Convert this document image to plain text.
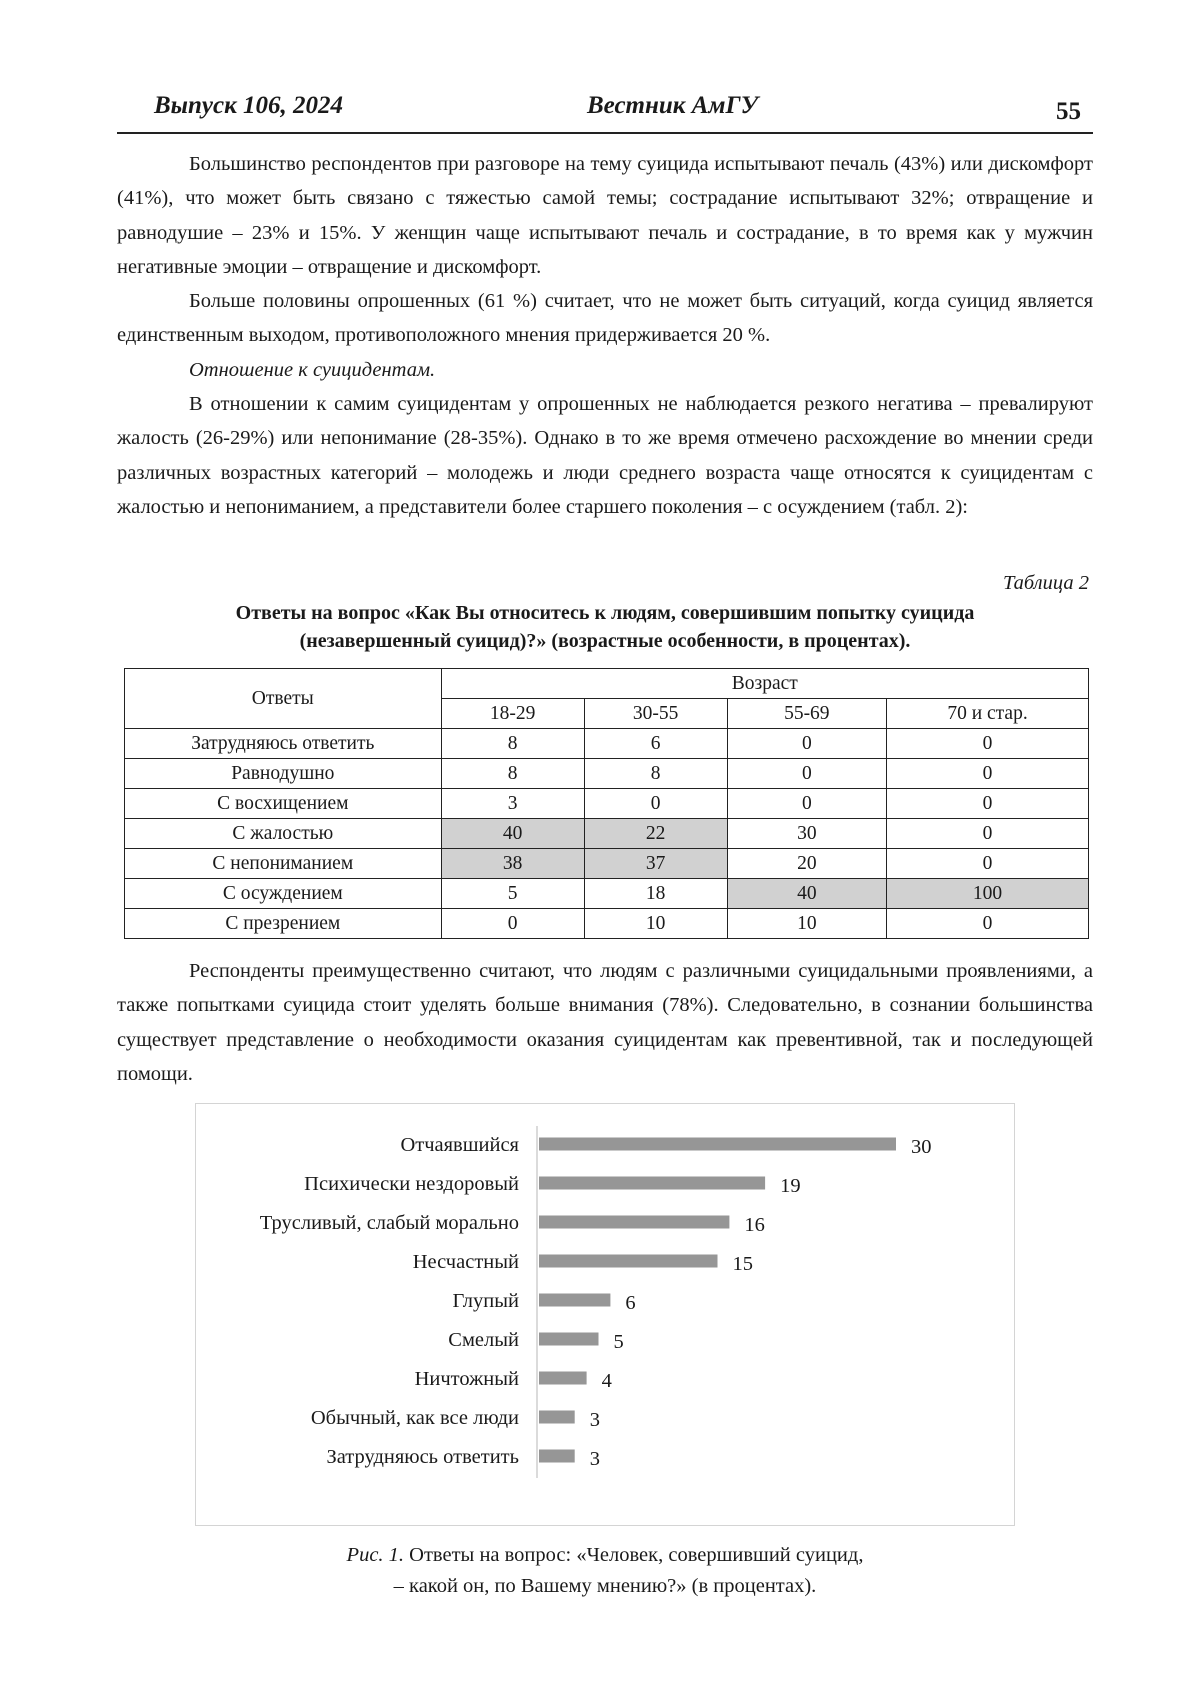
Выпуск 106, 2024	Вестник АмГУ	55

Большинство респондентов при разговоре на тему суицида испытывают печаль (43%) или дискомфорт (41%), что может быть связано с тяжестью самой темы; сострадание испытывают 32%; отвращение и равнодушие – 23% и 15%. У женщин чаще испытывают печаль и сострадание, в то время как у мужчин негативные эмоции – отвращение и дискомфорт.

Больше половины опрошенных (61 %) считает, что не может быть ситуаций, когда суицид является единственным выходом, противоположного мнения придерживается 20 %.

Отношение к суицидентам.

В отношении к самим суицидентам у опрошенных не наблюдается резкого негатива – превалируют жалость (26-29%) или непонимание (28-35%). Однако в то же время отмечено расхождение во мнении среди различных возрастных категорий – молодежь и люди среднего возраста чаще относятся к суицидентам с жалостью и непониманием, а представители более старшего поколения – с осуждением (табл. 2):

Таблица 2
Ответы на вопрос «Как Вы относитесь к людям, совершившим попытку суицида
(незавершенный суицид)?» (возрастные особенности, в процентах).
Ответы	Возраст			
	18-29	30-55	55-69	70 и стар.
Затрудняюсь ответить	8	6	0	0
Равнодушно	8	8	0	0
С восхищением	3	0	0	0
С жалостью	40	22	30	0
С непониманием	38	37	20	0
С осуждением	5	18	40	100
С презрением	0	10	10	0

Респонденты преимущественно считают, что людям с различными суицидальными проявлениями, а также попытками суицида стоит уделять больше внимания (78%). Следовательно, в сознании большинства существует представление о необходимости оказания суицидентам как превентивной, так и последующей помощи.

Отчаявшийся	30
Психически нездоровый	19
Трусливый, слабый морально	16
Несчастный	15
Глупый	6
Смелый	5
Ничтожный	4
Обычный, как все люди	3
Затрудняюсь ответить	3
Рис. 1. Ответы на вопрос: «Человек, совершивший суицид,
– какой он, по Вашему мнению?» (в процентах).
